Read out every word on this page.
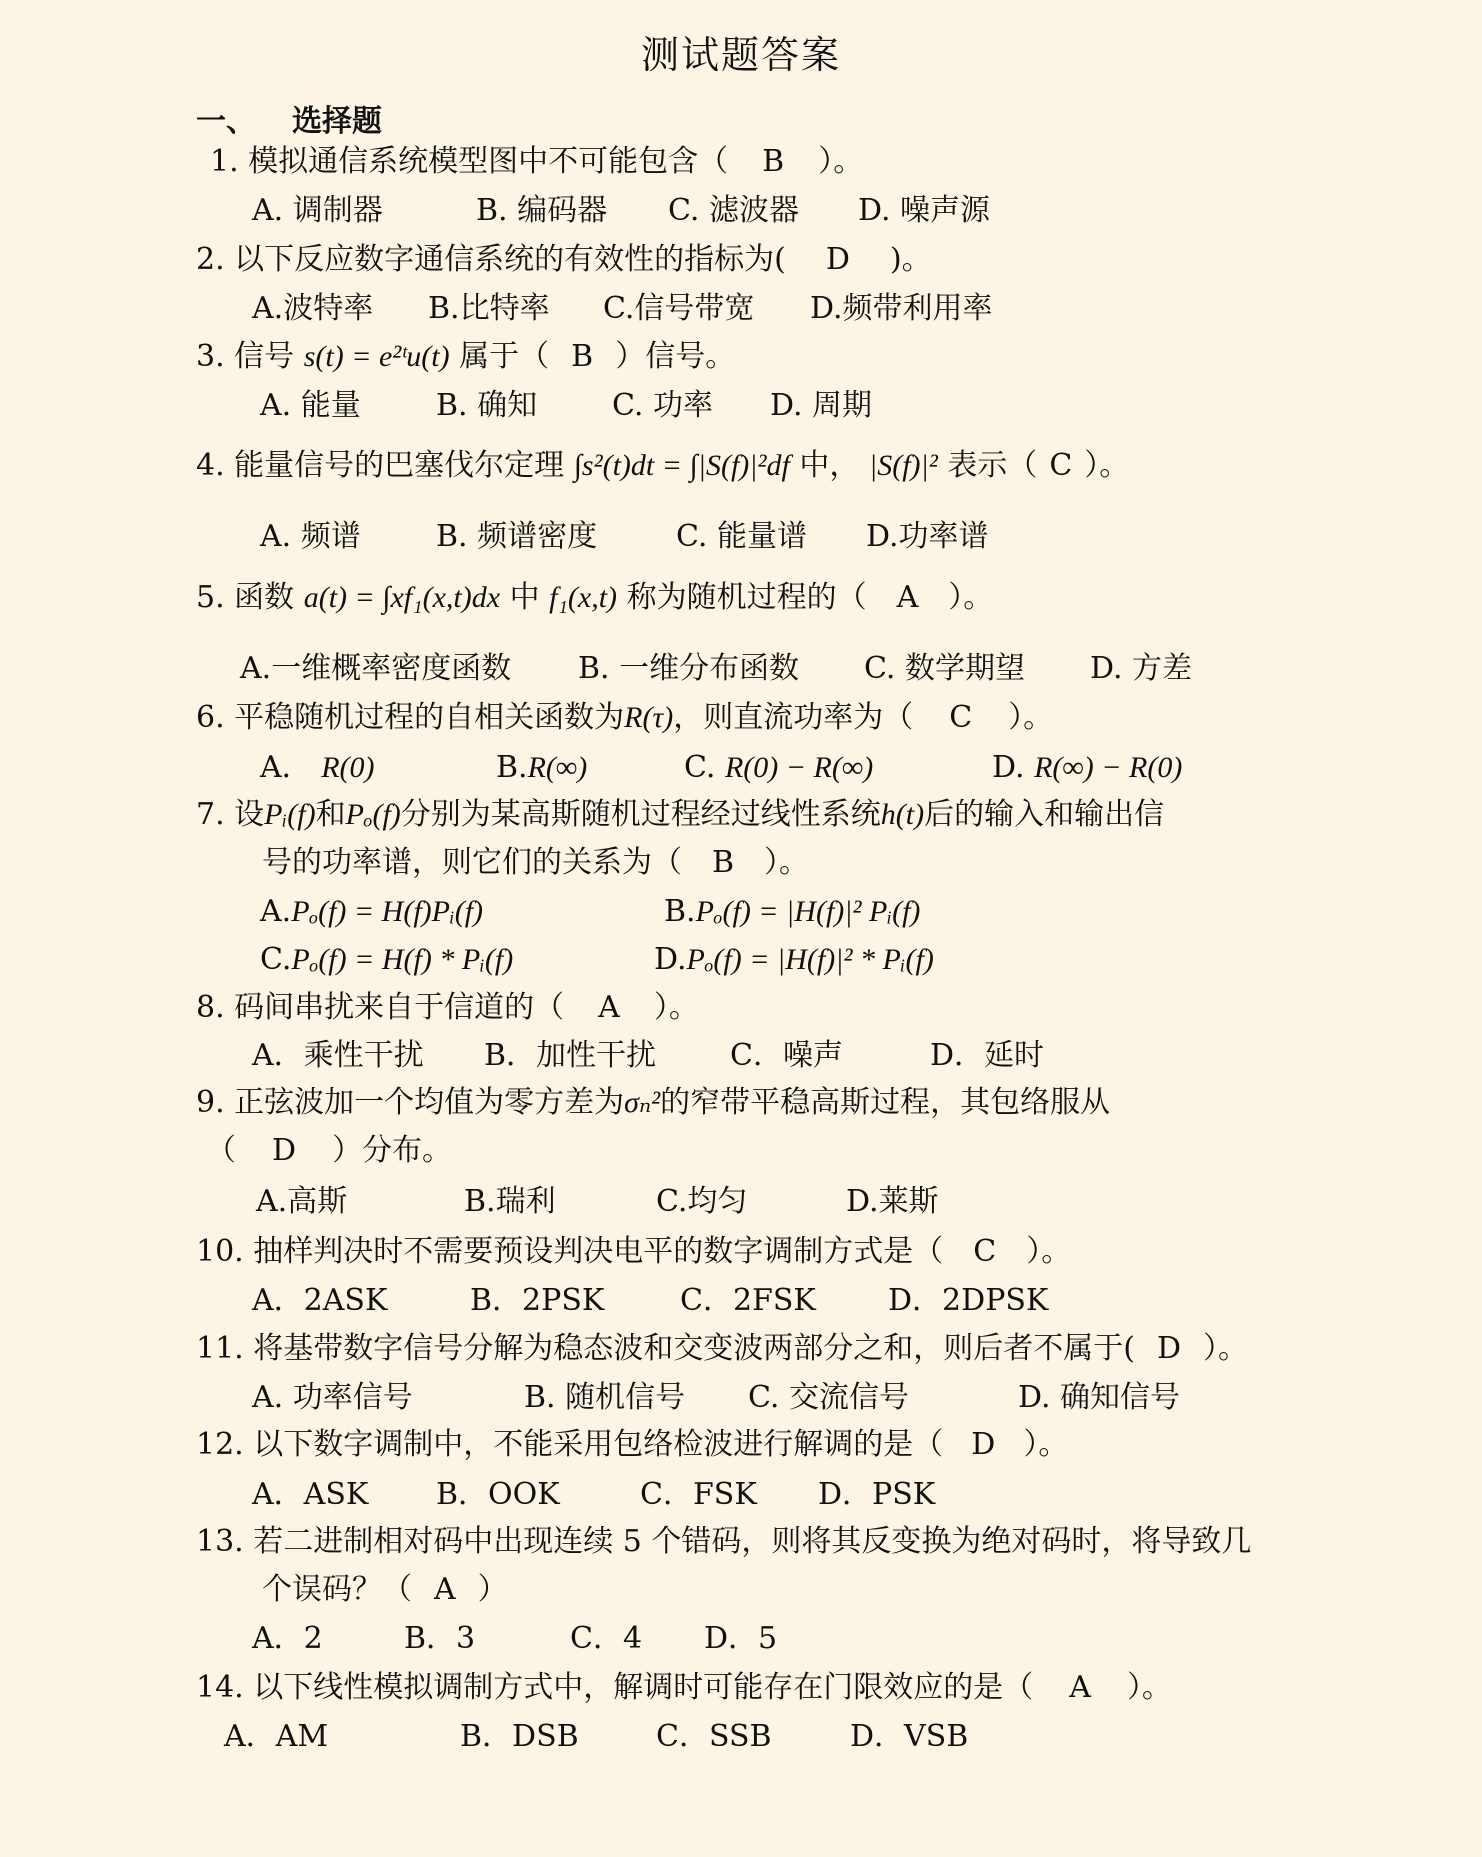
测试题答案
一、 选择题
1. 模拟通信系统模型图中不可能包含（ B ）。
A. 调制器	B. 编码器 C. 滤波器 D. 噪声源
2. 以下反应数字通信系统的有效性的指标为( D )。
A.波特率 B.比特率 C.信号带宽 D.频带利用率
3. 信号 s(t) = e²ᵗu(t) 属于（ B ）信号。
A. 能量	B. 确知 C. 功率 D. 周期
4. 能量信号的巴塞伐尔定理 ∫s²(t)dt = ∫|S(f)|²df 中， |S(f)|² 表示（ C ）。
A. 频谱	B. 频谱密度	C. 能量谱 D.功率谱
5. 函数 a(t) = ∫xf₁(x,t)dx 中 f₁(x,t) 称为随机过程的（ A ）。
A.一维概率密度函数 B. 一维分布函数 C. 数学期望 D. 方差
6. 平稳随机过程的自相关函数为R(τ)，则直流功率为（ C ）。
A． R(0)	B.R(∞)	C. R(0) − R(∞)	D. R(∞) − R(0)
7. 设Pᵢ(f)和Pₒ(f)分别为某高斯随机过程经过线性系统h(t)后的输入和输出信
号的功率谱，则它们的关系为（ B ）。
A.Pₒ(f) = H(f)Pᵢ(f)	B.Pₒ(f) = |H(f)|² Pᵢ(f)
C.Pₒ(f) = H(f) * Pᵢ(f)	D.Pₒ(f) = |H(f)|² * Pᵢ(f)
8. 码间串扰来自于信道的（ A ）。
A．乘性干扰 B．加性干扰 C．噪声	D．延时
9. 正弦波加一个均值为零方差为σₙ²的窄带平稳高斯过程，其包络服从
（ D ）分布。
A.高斯	B.瑞利	C.均匀	D.莱斯
10. 抽样判决时不需要预设判决电平的数字调制方式是（ C ）。
A．2ASK	B．2PSK	C．2FSK D．2DPSK
11. 将基带数字信号分解为稳态波和交变波两部分之和，则后者不属于( D ）。
A. 功率信号	B. 随机信号 C. 交流信号	D. 确知信号
12. 以下数字调制中，不能采用包络检波进行解调的是（ D ）。
A．ASK B．OOK	C．FSK D．PSK
13. 若二进制相对码中出现连续 5 个错码，则将其反变换为绝对码时，将导致几
个误码？（ A ）
A．2	B．3	C．4 D．5
14. 以下线性模拟调制方式中，解调时可能存在门限效应的是（ A ）。
A．AM	B．DSB	C．SSB	D．VSB
